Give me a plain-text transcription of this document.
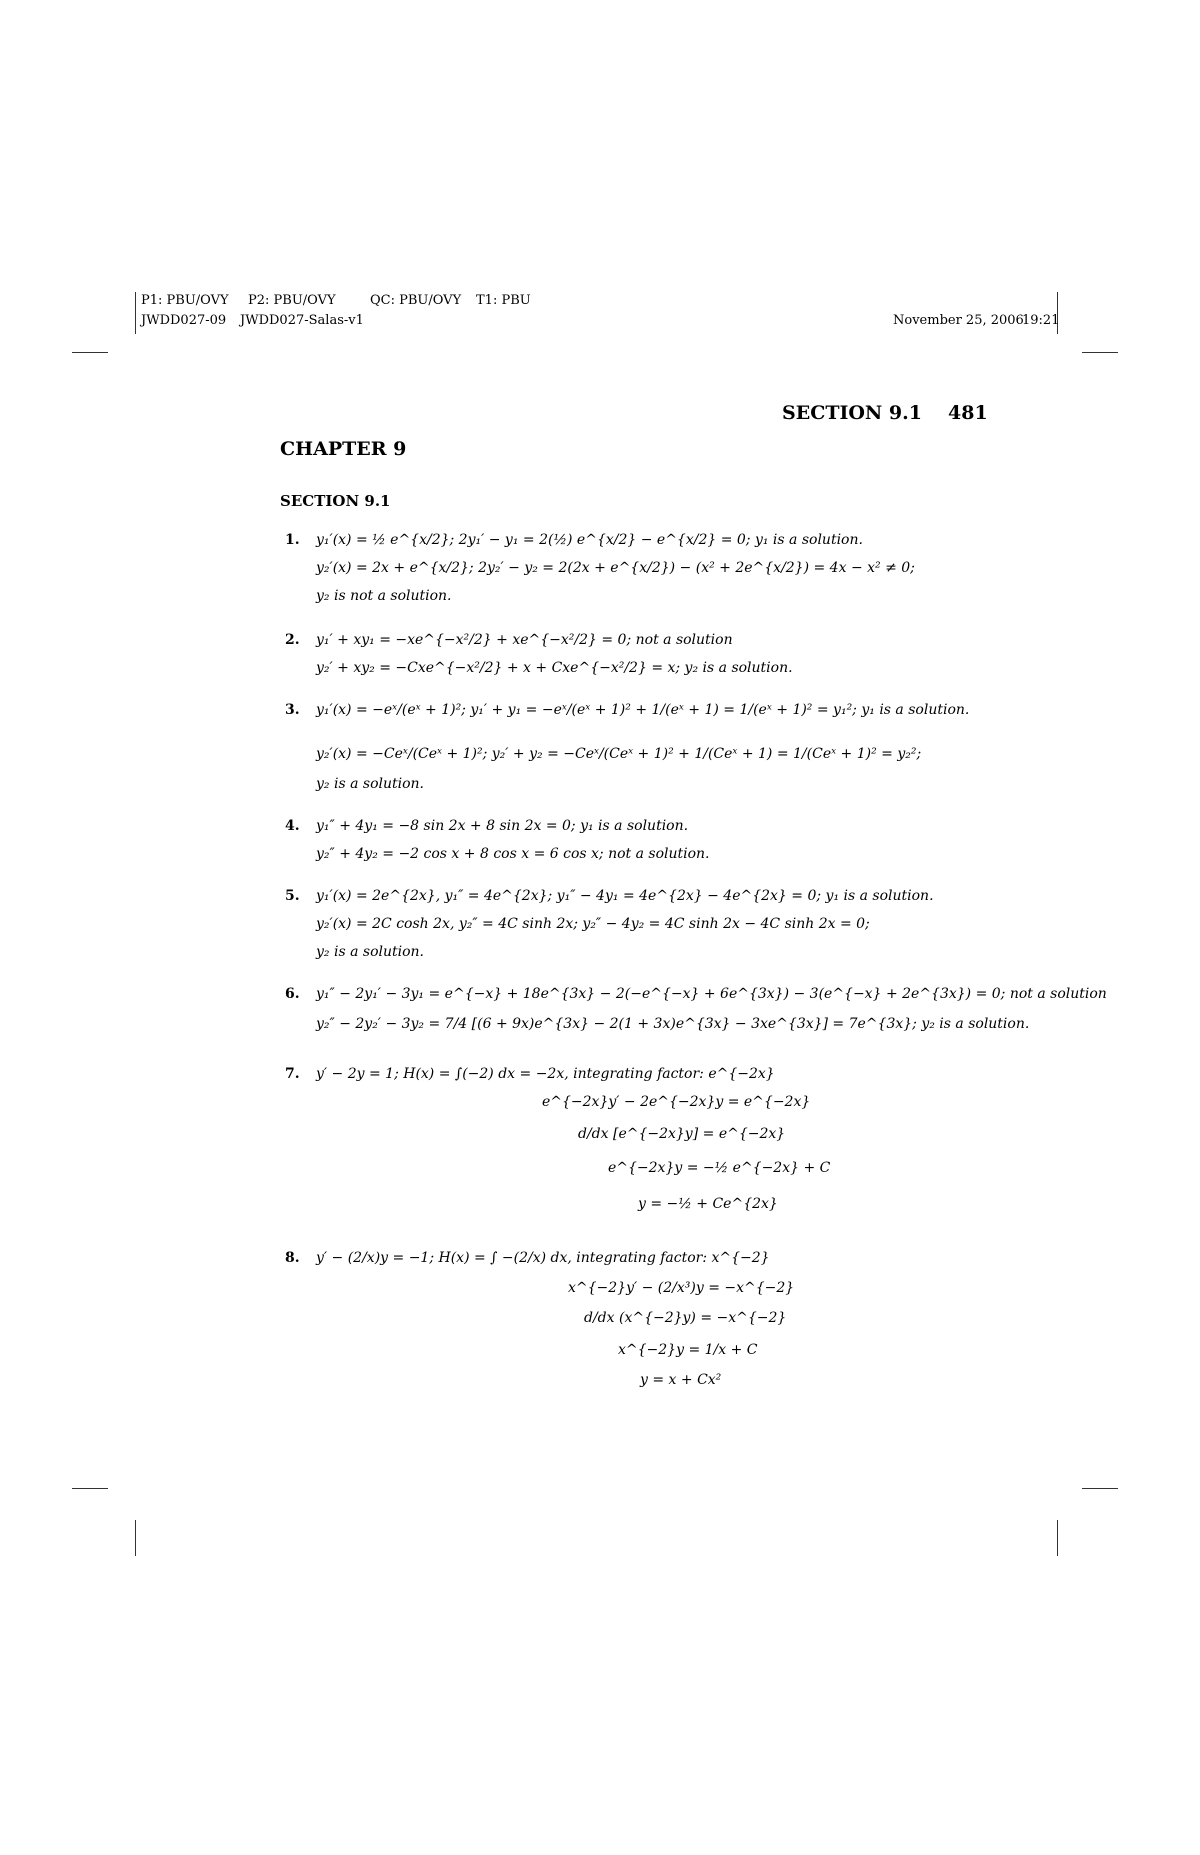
P1: PBU/OVY P2: PBU/OVY	QC: PBU/OVY T1: PBU
JWDD027-09 JWDD027-Salas-v1	November 25, 2006
19:21
SECTION 9.1 481
CHAPTER 9
SECTION 9.1
1. y₁′(x) = ½ e^{x/2}; 2y₁′ − y₁ = 2(½) e^{x/2} − e^{x/2} = 0; y₁ is a solution.
y₂′(x) = 2x + e^{x/2}; 2y₂′ − y₂ = 2(2x + e^{x/2}) − (x² + 2e^{x/2}) = 4x − x² ≠ 0;
y₂ is not a solution.
2. y₁′ + xy₁ = −xe^{−x²/2} + xe^{−x²/2} = 0; not a solution
y₂′ + xy₂ = −Cxe^{−x²/2} + x + Cxe^{−x²/2} = x; y₂ is a solution.
3. y₁′(x) = −eˣ/(eˣ + 1)²; y₁′ + y₁ = −eˣ/(eˣ + 1)² + 1/(eˣ + 1) = 1/(eˣ + 1)² = y₁²; y₁ is a solution.
y₂′(x) = −Ceˣ/(Ceˣ + 1)²; y₂′ + y₂ = −Ceˣ/(Ceˣ + 1)² + 1/(Ceˣ + 1) = 1/(Ceˣ + 1)² = y₂²;
y₂ is a solution.
4. y₁″ + 4y₁ = −8 sin 2x + 8 sin 2x = 0; y₁ is a solution.
y₂″ + 4y₂ = −2 cos x + 8 cos x = 6 cos x; not a solution.
5. y₁′(x) = 2e^{2x}, y₁″ = 4e^{2x}; y₁″ − 4y₁ = 4e^{2x} − 4e^{2x} = 0; y₁ is a solution.
y₂′(x) = 2C cosh 2x, y₂″ = 4C sinh 2x; y₂″ − 4y₂ = 4C sinh 2x − 4C sinh 2x = 0;
y₂ is a solution.
6. y₁″ − 2y₁′ − 3y₁ = e^{−x} + 18e^{3x} − 2(−e^{−x} + 6e^{3x}) − 3(e^{−x} + 2e^{3x}) = 0; not a solution
y₂″ − 2y₂′ − 3y₂ = 7/4 [(6 + 9x)e^{3x} − 2(1 + 3x)e^{3x} − 3xe^{3x}] = 7e^{3x}; y₂ is a solution.
7. y′ − 2y = 1; H(x) = ∫(−2) dx = −2x, integrating factor: e^{−2x}
e^{−2x}y′ − 2e^{−2x}y = e^{−2x}
d/dx [e^{−2x}y] = e^{−2x}
e^{−2x}y = −½ e^{−2x} + C
y = −½ + Ce^{2x}
8. y′ − (2/x)y = −1; H(x) = ∫ −(2/x) dx, integrating factor: x^{−2}
x^{−2}y′ − (2/x³)y = −x^{−2}
d/dx (x^{−2}y) = −x^{−2}
x^{−2}y = 1/x + C
y = x + Cx²
